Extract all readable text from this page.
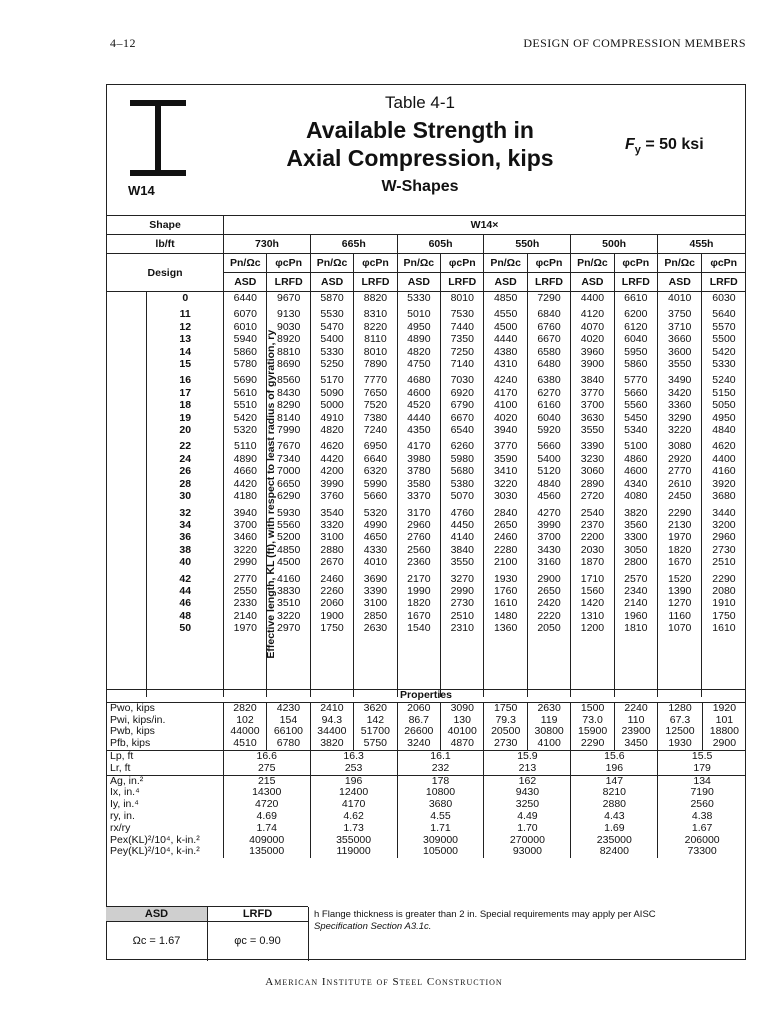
4–12	DESIGN OF COMPRESSION MEMBERS
W14
Table 4-1
Available Strength in
Axial Compression, kips
W-Shapes
$F_y = 50$ ksi
Shape		W14×											
lb/ft		730h		665h		605h		550h		500h		455h	
Design		Pn/Ωc	φcPn	Pn/Ωc	φcPn	Pn/Ωc	φcPn	Pn/Ωc	φcPn	Pn/Ωc	φcPn	Pn/Ωc	φcPn
		ASD	LRFD	ASD	LRFD	ASD	LRFD	ASD	LRFD	ASD	LRFD	ASD	LRFD
Effective length, KL (ft), with respect to least radius of gyration, ry	0	6440	9670	5870	8820	5330	8010	4850	7290	4400	6610	4010	6030

	11	6070	9130	5530	8310	5010	7530	4550	6840	4120	6200	3750	5640
	12	6010	9030	5470	8220	4950	7440	4500	6760	4070	6120	3710	5570
	13	5940	8920	5400	8110	4890	7350	4440	6670	4020	6040	3660	5500
	14	5860	8810	5330	8010	4820	7250	4380	6580	3960	5950	3600	5420
	15	5780	8690	5250	7890	4750	7140	4310	6480	3900	5860	3550	5330

	16	5690	8560	5170	7770	4680	7030	4240	6380	3840	5770	3490	5240
	17	5610	8430	5090	7650	4600	6920	4170	6270	3770	5660	3420	5150
	18	5510	8290	5000	7520	4520	6790	4100	6160	3700	5560	3360	5050
	19	5420	8140	4910	7380	4440	6670	4020	6040	3630	5450	3290	4950
	20	5320	7990	4820	7240	4350	6540	3940	5920	3550	5340	3220	4840

	22	5110	7670	4620	6950	4170	6260	3770	5660	3390	5100	3080	4620
	24	4890	7340	4420	6640	3980	5980	3590	5400	3230	4860	2920	4400
	26	4660	7000	4200	6320	3780	5680	3410	5120	3060	4600	2770	4160
	28	4420	6650	3990	5990	3580	5380	3220	4840	2890	4340	2610	3920
	30	4180	6290	3760	5660	3370	5070	3030	4560	2720	4080	2450	3680

	32	3940	5930	3540	5320	3170	4760	2840	4270	2540	3820	2290	3440
	34	3700	5560	3320	4990	2960	4450	2650	3990	2370	3560	2130	3200
	36	3460	5200	3100	4650	2760	4140	2460	3700	2200	3300	1970	2960
	38	3220	4850	2880	4330	2560	3840	2280	3430	2030	3050	1820	2730
	40	2990	4500	2670	4010	2360	3550	2100	3160	1870	2800	1670	2510

	42	2770	4160	2460	3690	2170	3270	1930	2900	1710	2570	1520	2290
	44	2550	3830	2260	3390	1990	2990	1760	2650	1560	2340	1390	2080
	46	2330	3510	2060	3100	1820	2730	1610	2420	1420	2140	1270	1910
	48	2140	3220	1900	2850	1670	2510	1480	2220	1310	1960	1160	1750
	50	1970	2970	1750	2630	1540	2310	1360	2050	1200	1810	1070	1610

Properties												
Pwo, kips	2820	4230	2410	3620	2060	3090	1750	2630	1500	2240	1280	1920
Pwi, kips/in.	102	154	94.3	142	86.7	130	79.3	119	73.0	110	67.3	101
Pwb, kips	44000	66100	34400	51700	26600	40100	20500	30800	15900	23900	12500	18800
Pfb, kips	4510	6780	3820	5750	3240	4870	2730	4100	2290	3450	1930	2900
Lp, ft	16.6		16.3		16.1		15.9		15.6		15.5	
Lr, ft	275		253		232		213		196		179	
Ag, in.²	215		196		178		162		147		134	
Ix, in.⁴	14300		12400		10800		9430		8210		7190	
Iy, in.⁴	4720		4170		3680		3250		2880		2560	
ry, in.	4.69		4.62		4.55		4.49		4.43		4.38	
rx/ry	1.74		1.73		1.71		1.70		1.69		1.67	
Pex(KL)²/10⁴, k-in.²	409000		355000		309000		270000		235000		206000	
Pey(KL)²/10⁴, k-in.²	135000		119000		105000		93000		82400		73300	
ASD	LRFD
Ωc = 1.67	φc = 0.90
h Flange thickness is greater than 2 in. Special requirements may apply per AISC
Specification Section A3.1c.
American Institute of Steel Construction
